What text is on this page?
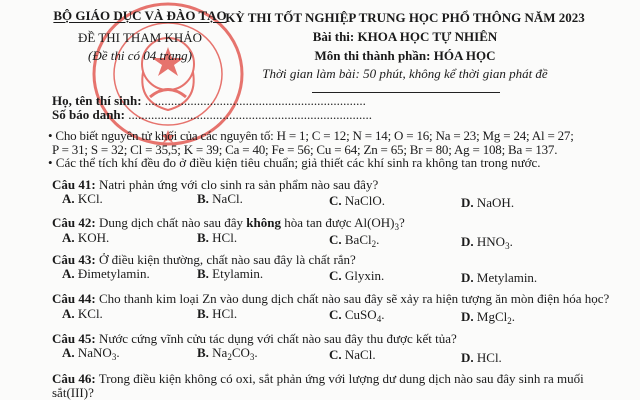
BỘ GIÁO DỤC VÀ ĐÀO TẠO
ĐỀ THI THAM KHẢO
(Đề thi có 04 trang)
KỲ THI TỐT NGHIỆP TRUNG HỌC PHỔ THÔNG NĂM 2023
Bài thi: KHOA HỌC TỰ NHIÊN
Môn thi thành phần: HÓA HỌC
Thời gian làm bài: 50 phút, không kể thời gian phát đề
Họ, tên thí sinh: ....................................................................
Số báo danh: ...........................................................................
• Cho biết nguyên tử khối của các nguyên tố: H = 1; C = 12; N = 14; O = 16; Na = 23; Mg = 24; Al = 27;
P = 31; S = 32; Cl = 35,5; K = 39; Ca = 40; Fe = 56; Cu = 64; Zn = 65; Br = 80; Ag = 108; Ba = 137.
• Các thể tích khí đều đo ở điều kiện tiêu chuẩn; giả thiết các khí sinh ra không tan trong nước.
Câu 41: Natri phản ứng với clo sinh ra sản phẩm nào sau đây?
A. KCl.	B. NaCl.	C. NaClO.	D. NaOH.
Câu 42: Dung dịch chất nào sau đây không hòa tan được $Al(OH)_3$?
A. KOH.	B. HCl.	C. BaCl$_2$.	D. $HNO_3$.
Câu 43: Ở điều kiện thường, chất nào sau đây là chất rắn?
A. Đimetylamin.	B. Etylamin.	C. Glyxin.	D. Metylamin.
Câu 44: Cho thanh kim loại Zn vào dung dịch chất nào sau đây sẽ xảy ra hiện tượng ăn mòn điện hóa học?
A. KCl.	B. HCl.	C. CuSO$_4$.	D. MgCl$_2$.
Câu 45: Nước cứng vĩnh cửu tác dụng với chất nào sau đây thu được kết tủa?
A. NaNO$_3$.	B. $Na_2CO_3$.	C. NaCl.	D. HCl.
Câu 46: Trong điều kiện không có oxi, sắt phản ứng với lượng dư dung dịch nào sau đây sinh ra muối
sắt(III)?
